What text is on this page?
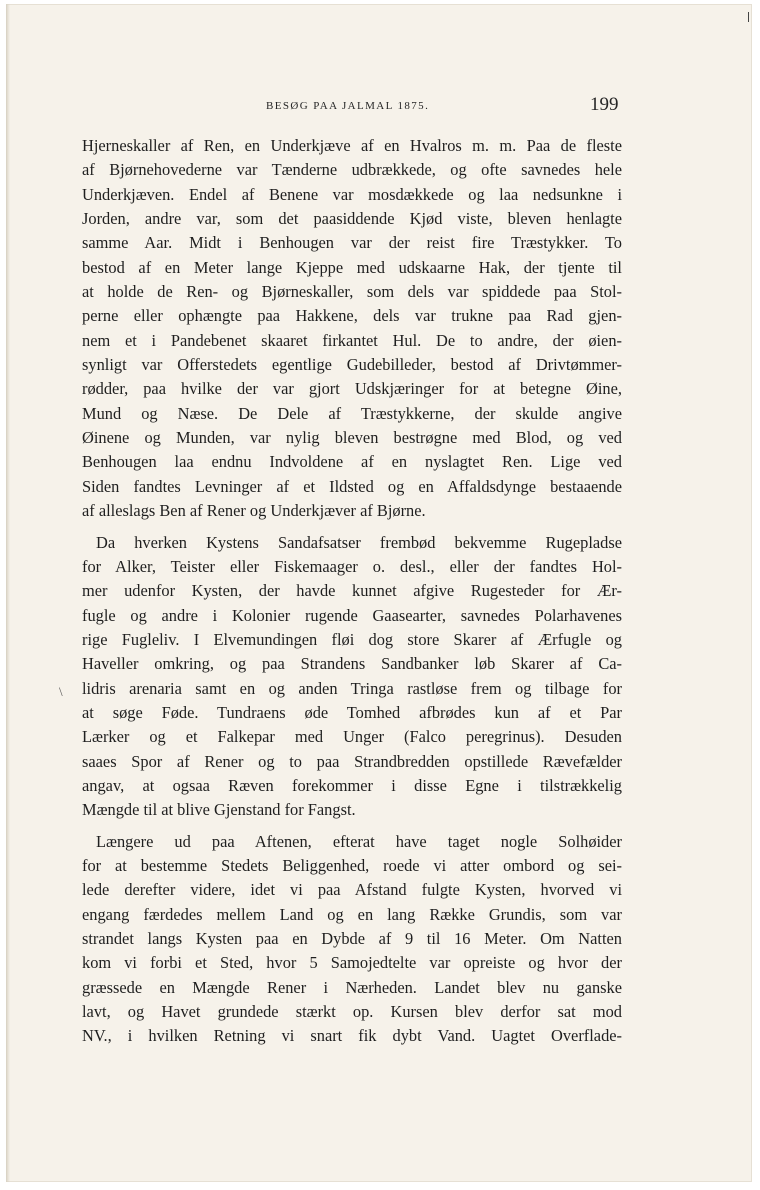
BESØG PAA JALMAL 1875.	199
Hjerneskaller af Ren, en Underkjæve af en Hvalros m. m. Paa de fleste
af Bjørnehovederne var Tænderne udbrækkede, og ofte savnedes hele
Underkjæven. Endel af Benene var mosdækkede og laa nedsunkne i
Jorden, andre var, som det paasiddende Kjød viste, bleven henlagte
samme Aar. Midt i Benhougen var der reist fire Træstykker. To
bestod af en Meter lange Kjeppe med udskaarne Hak, der tjente til
at holde de Ren- og Bjørneskaller, som dels var spiddede paa Stol-
perne eller ophængte paa Hakkene, dels var trukne paa Rad gjen-
nem et i Pandebenet skaaret firkantet Hul. De to andre, der øien-
synligt var Offerstedets egentlige Gudebilleder, bestod af Drivtømmer-
rødder, paa hvilke der var gjort Udskjæringer for at betegne Øine,
Mund og Næse. De Dele af Træstykkerne, der skulde angive
Øinene og Munden, var nylig bleven bestrøgne med Blod, og ved
Benhougen laa endnu Indvoldene af en nyslagtet Ren. Lige ved
Siden fandtes Levninger af et Ildsted og en Affaldsdynge bestaaende
af alleslags Ben af Rener og Underkjæver af Bjørne.
Da hverken Kystens Sandafsatser frembød bekvemme Rugepladse
for Alker, Teister eller Fiskemaager o. desl., eller der fandtes Hol-
mer udenfor Kysten, der havde kunnet afgive Rugesteder for Ær-
fugle og andre i Kolonier rugende Gaasearter, savnedes Polarhavenes
rige Fugleliv. I Elvemundingen fløi dog store Skarer af Ærfugle og
Haveller omkring, og paa Strandens Sandbanker løb Skarer af Ca-
lidris arenaria samt en og anden Tringa rastløse frem og tilbage for
at søge Føde. Tundraens øde Tomhed afbrødes kun af et Par
Lærker og et Falkepar med Unger (Falco peregrinus). Desuden
saaes Spor af Rener og to paa Strandbredden opstillede Rævefælder
angav, at ogsaa Ræven forekommer i disse Egne i tilstrækkelig
Mængde til at blive Gjenstand for Fangst.
Længere ud paa Aftenen, efterat have taget nogle Solhøider
for at bestemme Stedets Beliggenhed, roede vi atter ombord og sei-
lede derefter videre, idet vi paa Afstand fulgte Kysten, hvorved vi
engang færdedes mellem Land og en lang Række Grundis, som var
strandet langs Kysten paa en Dybde af 9 til 16 Meter. Om Natten
kom vi forbi et Sted, hvor 5 Samojedtelte var opreiste og hvor der
græssede en Mængde Rener i Nærheden. Landet blev nu ganske
lavt, og Havet grundede stærkt op. Kursen blev derfor sat mod
NV., i hvilken Retning vi snart fik dybt Vand. Uagtet Overflade-
\
